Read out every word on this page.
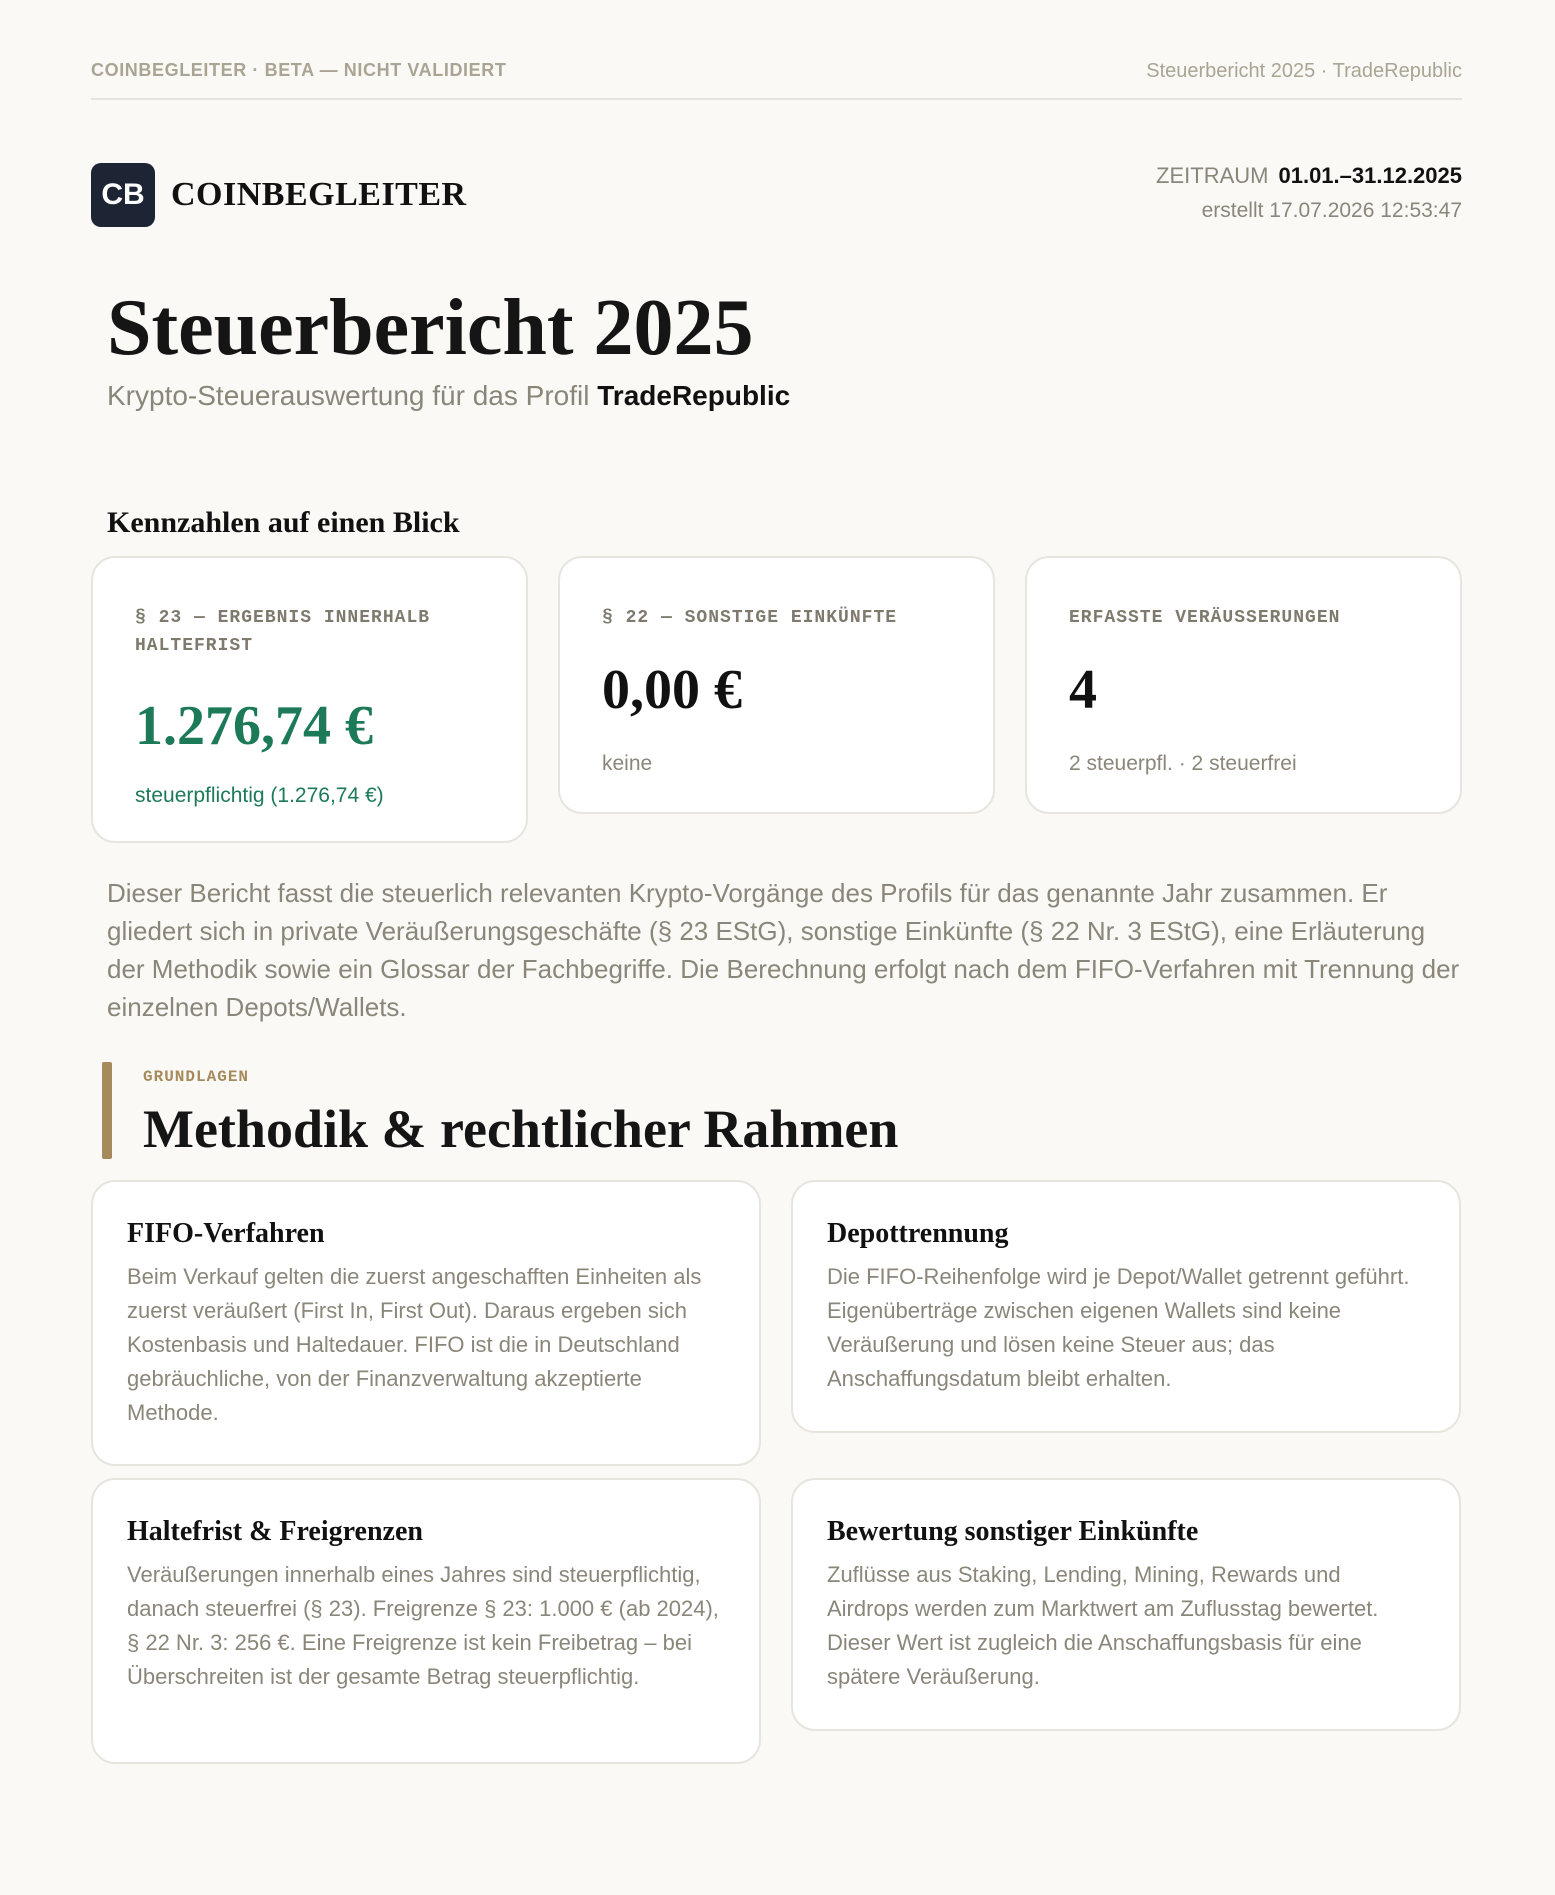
COINBEGLEITER · BETA — NICHT VALIDIERT	Steuerbericht 2025 · TradeRepublic
CB COINBEGLEITER
ZEITRAUM 01.01.–31.12.2025
erstellt 17.07.2026 12:53:47
Steuerbericht 2025
Krypto-Steuerauswertung für das Profil TradeRepublic
Kennzahlen auf einen Blick
§ 23 — ERGEBNIS INNERHALB HALTEFRIST
1.276,74 €
steuerpflichtig (1.276,74 €)
§ 22 — SONSTIGE EINKÜNFTE
0,00 €
keine
ERFASSTE VERÄUSSERUNGEN
4
2 steuerpfl. · 2 steuerfrei

Dieser Bericht fasst die steuerlich relevanten Krypto-Vorgänge des Profils für das genannte Jahr zusammen. Er gliedert sich in private Veräußerungsgeschäfte (§ 23 EStG), sonstige Einkünfte (§ 22 Nr. 3 EStG), eine Erläuterung der Methodik sowie ein Glossar der Fachbegriffe. Die Berechnung erfolgt nach dem FIFO-Verfahren mit Trennung der einzelnen Depots/Wallets.

GRUNDLAGEN
Methodik & rechtlicher Rahmen
FIFO-Verfahren

Beim Verkauf gelten die zuerst angeschafften Einheiten als zuerst veräußert (First In, First Out). Daraus ergeben sich Kostenbasis und Haltedauer. FIFO ist die in Deutschland gebräuchliche, von der Finanzverwaltung akzeptierte Methode.

Depottrennung

Die FIFO-Reihenfolge wird je Depot/Wallet getrennt geführt. Eigenüberträge zwischen eigenen Wallets sind keine Veräußerung und lösen keine Steuer aus; das Anschaffungsdatum bleibt erhalten.

Haltefrist & Freigrenzen

Veräußerungen innerhalb eines Jahres sind steuerpflichtig, danach steuerfrei (§ 23). Freigrenze § 23: 1.000 € (ab 2024), § 22 Nr. 3: 256 €. Eine Freigrenze ist kein Freibetrag – bei Überschreiten ist der gesamte Betrag steuerpflichtig.

Bewertung sonstiger Einkünfte

Zuflüsse aus Staking, Lending, Mining, Rewards und Airdrops werden zum Marktwert am Zuflusstag bewertet. Dieser Wert ist zugleich die Anschaffungsbasis für eine spätere Veräußerung.
